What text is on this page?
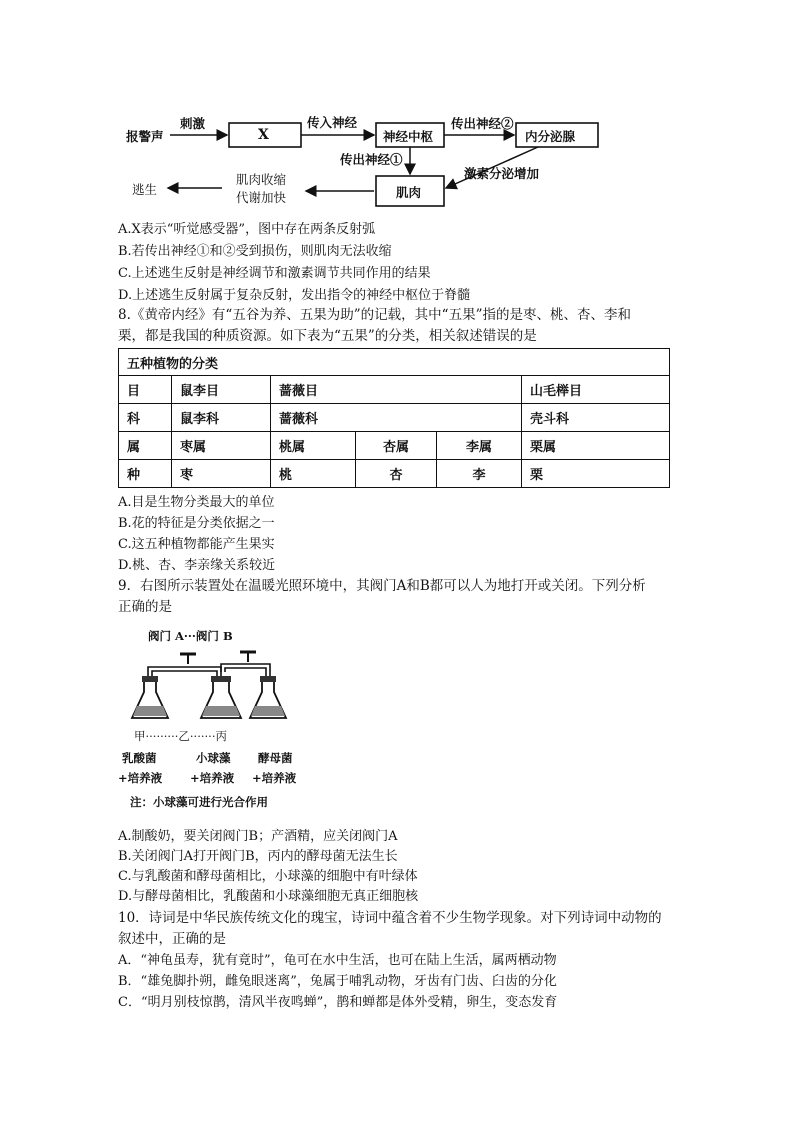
报警声
刺激
X
传入神经
神经中枢
传出神经②
内分泌腺
传出神经①
激素分泌增加
肌肉
肌肉收缩
代谢加快
逃生
A.X表示“听觉感受器”，图中存在两条反射弧
B.若传出神经①和②受到损伤，则肌肉无法收缩
C.上述逃生反射是神经调节和激素调节共同作用的结果
D.上述逃生反射属于复杂反射，发出指令的神经中枢位于脊髓
8.《黄帝内经》有“五谷为养、五果为助”的记载，其中“五果”指的是枣、桃、杏、李和
栗，都是我国的种质资源。如下表为“五果”的分类，相关叙述错误的是
五种植物的分类					
目	鼠李目	蔷薇目			山毛榉目
科	鼠李科	蔷薇科			壳斗科
属	枣属	桃属	杏属	李属	栗属
种	枣	桃	杏	李	栗
A.目是生物分类最大的单位
B.花的特征是分类依据之一
C.这五种植物都能产生果实
D.桃、杏、李亲缘关系较近
9．右图所示装置处在温暖光照环境中，其阀门A和B都可以人为地打开或关闭。下列分析
正确的是
阀门 A···阀门 B
甲·········乙·······丙
乳酸菌
+培养液
小球藻
+培养液
酵母菌
+培养液
注：小球藻可进行光合作用
A.制酸奶，要关闭阀门B；产酒精，应关闭阀门A
B.关闭阀门A打开阀门B，丙内的酵母菌无法生长
C.与乳酸菌和酵母菌相比，小球藻的细胞中有叶绿体
D.与酵母菌相比，乳酸菌和小球藻细胞无真正细胞核
10．诗词是中华民族传统文化的瑰宝，诗词中蕴含着不少生物学现象。对下列诗词中动物的
叙述中，正确的是
A．“神龟虽寿，犹有竟时”，龟可在水中生活，也可在陆上生活，属两栖动物
B．“雄兔脚扑朔，雌兔眼迷离”，兔属于哺乳动物，牙齿有门齿、臼齿的分化
C．“明月别枝惊鹊，清风半夜鸣蝉”，鹊和蝉都是体外受精，卵生，变态发育
